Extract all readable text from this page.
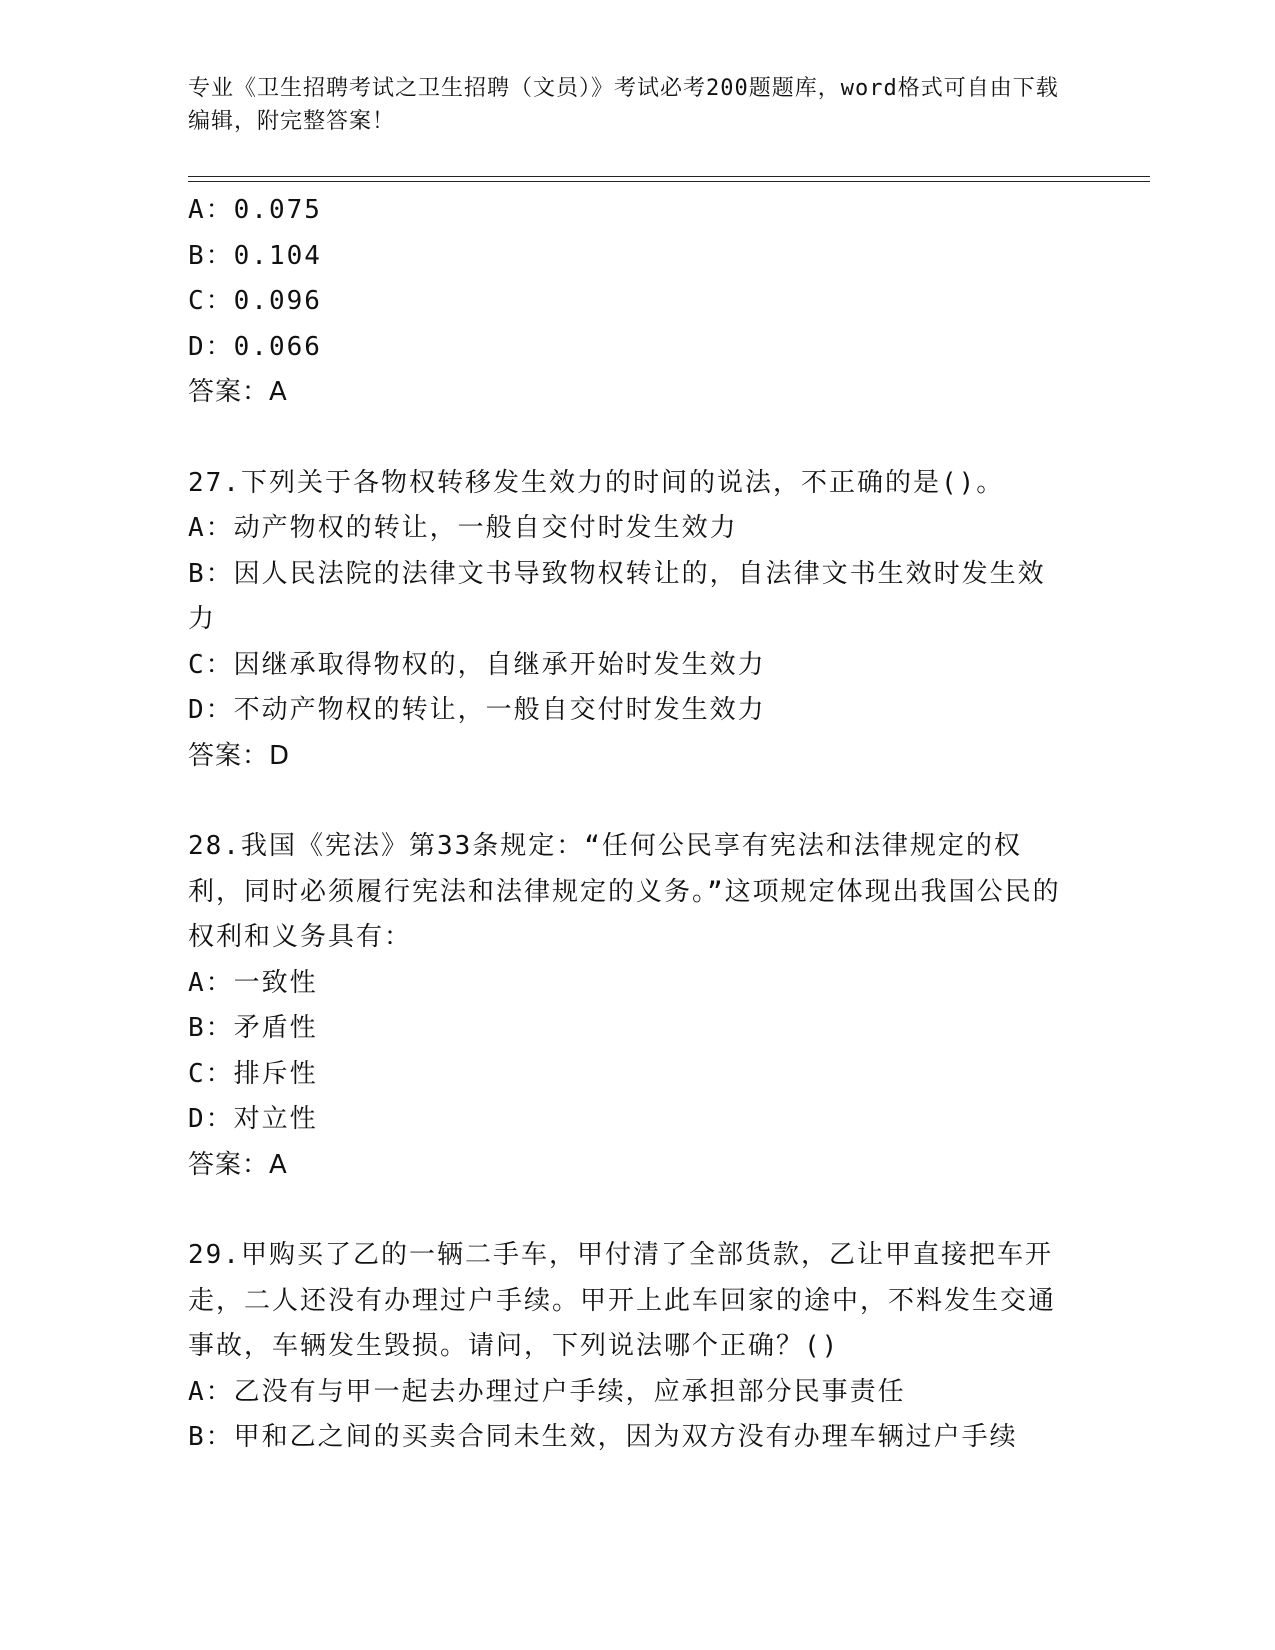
专业《卫生招聘考试之卫生招聘（文员）》考试必考200题题库，word格式可自由下载编辑，附完整答案！
A：0.075
B：0.104
C：0.096
D：0.066
答案：A
27.下列关于各物权转移发生效力的时间的说法，不正确的是()。
A：动产物权的转让，一般自交付时发生效力
B：因人民法院的法律文书导致物权转让的，自法律文书生效时发生效力
C：因继承取得物权的，自继承开始时发生效力
D：不动产物权的转让，一般自交付时发生效力
答案：D
28.我国《宪法》第33条规定：“任何公民享有宪法和法律规定的权利，同时必须履行宪法和法律规定的义务。”这项规定体现出我国公民的权利和义务具有：
A：一致性
B：矛盾性
C：排斥性
D：对立性
答案：A
29.甲购买了乙的一辆二手车，甲付清了全部货款，乙让甲直接把车开走，二人还没有办理过户手续。甲开上此车回家的途中，不料发生交通事故，车辆发生毁损。请问，下列说法哪个正确？()
A：乙没有与甲一起去办理过户手续，应承担部分民事责任
B：甲和乙之间的买卖合同未生效，因为双方没有办理车辆过户手续
